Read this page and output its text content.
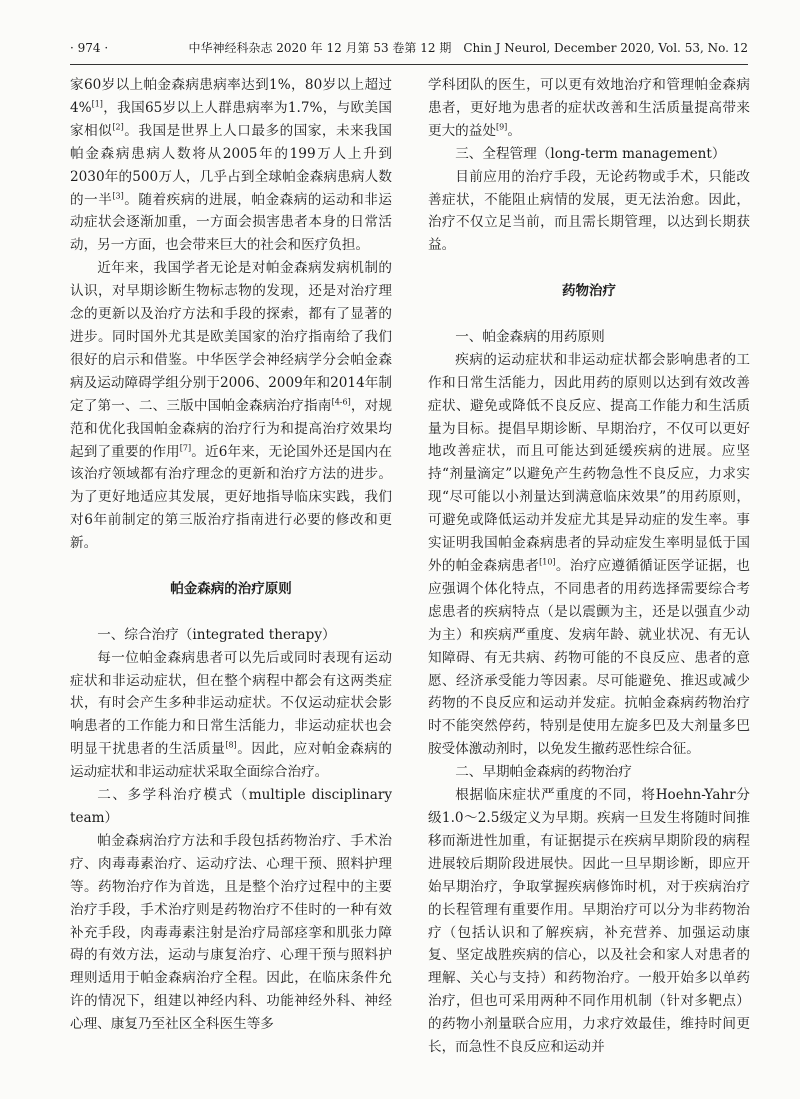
· 974 ·	中华神经科杂志 2020 年 12 月第 53 卷第 12 期　Chin J Neurol, December 2020, Vol. 53, No. 12

家60岁以上帕金森病患病率达到1%，80岁以上超过4%[1]，我国65岁以上人群患病率为1.7%，与欧美国家相似[2]。我国是世界上人口最多的国家，未来我国帕金森病患病人数将从2005年的199万人上升到2030年的500万人，几乎占到全球帕金森病患病人数的一半[3]。随着疾病的进展，帕金森病的运动和非运动症状会逐渐加重，一方面会损害患者本身的日常活动，另一方面，也会带来巨大的社会和医疗负担。

近年来，我国学者无论是对帕金森病发病机制的认识，对早期诊断生物标志物的发现，还是对治疗理念的更新以及治疗方法和手段的探索，都有了显著的进步。同时国外尤其是欧美国家的治疗指南给了我们很好的启示和借鉴。中华医学会神经病学分会帕金森病及运动障碍学组分别于2006、2009年和2014年制定了第一、二、三版中国帕金森病治疗指南[4-6]，对规范和优化我国帕金森病的治疗行为和提高治疗效果均起到了重要的作用[7]。近6年来，无论国外还是国内在该治疗领域都有治疗理念的更新和治疗方法的进步。为了更好地适应其发展，更好地指导临床实践，我们对6年前制定的第三版治疗指南进行必要的修改和更新。

帕金森病的治疗原则

一、综合治疗（integrated therapy）

每一位帕金森病患者可以先后或同时表现有运动症状和非运动症状，但在整个病程中都会有这两类症状，有时会产生多种非运动症状。不仅运动症状会影响患者的工作能力和日常生活能力，非运动症状也会明显干扰患者的生活质量[8]。因此，应对帕金森病的运动症状和非运动症状采取全面综合治疗。

二、多学科治疗模式（multiple disciplinary team）

帕金森病治疗方法和手段包括药物治疗、手术治疗、肉毒毒素治疗、运动疗法、心理干预、照料护理等。药物治疗作为首选，且是整个治疗过程中的主要治疗手段，手术治疗则是药物治疗不佳时的一种有效补充手段，肉毒毒素注射是治疗局部痉挛和肌张力障碍的有效方法，运动与康复治疗、心理干预与照料护理则适用于帕金森病治疗全程。因此，在临床条件允许的情况下，组建以神经内科、功能神经外科、神经心理、康复乃至社区全科医生等多

学科团队的医生，可以更有效地治疗和管理帕金森病患者，更好地为患者的症状改善和生活质量提高带来更大的益处[9]。

三、全程管理（long-term management）

目前应用的治疗手段，无论药物或手术，只能改善症状，不能阻止病情的发展，更无法治愈。因此，治疗不仅立足当前，而且需长期管理，以达到长期获益。

药物治疗

一、帕金森病的用药原则

疾病的运动症状和非运动症状都会影响患者的工作和日常生活能力，因此用药的原则以达到有效改善症状、避免或降低不良反应、提高工作能力和生活质量为目标。提倡早期诊断、早期治疗，不仅可以更好地改善症状，而且可能达到延缓疾病的进展。应坚持“剂量滴定”以避免产生药物急性不良反应，力求实现“尽可能以小剂量达到满意临床效果”的用药原则，可避免或降低运动并发症尤其是异动症的发生率。事实证明我国帕金森病患者的异动症发生率明显低于国外的帕金森病患者[10]。治疗应遵循循证医学证据，也应强调个体化特点，不同患者的用药选择需要综合考虑患者的疾病特点（是以震颤为主，还是以强直少动为主）和疾病严重度、发病年龄、就业状况、有无认知障碍、有无共病、药物可能的不良反应、患者的意愿、经济承受能力等因素。尽可能避免、推迟或减少药物的不良反应和运动并发症。抗帕金森病药物治疗时不能突然停药，特别是使用左旋多巴及大剂量多巴胺受体激动剂时，以免发生撤药恶性综合征。

二、早期帕金森病的药物治疗

根据临床症状严重度的不同，将Hoehn-Yahr分级1.0～2.5级定义为早期。疾病一旦发生将随时间推移而渐进性加重，有证据提示在疾病早期阶段的病程进展较后期阶段进展快。因此一旦早期诊断，即应开始早期治疗，争取掌握疾病修饰时机，对于疾病治疗的长程管理有重要作用。早期治疗可以分为非药物治疗（包括认识和了解疾病，补充营养、加强运动康复、坚定战胜疾病的信心，以及社会和家人对患者的理解、关心与支持）和药物治疗。一般开始多以单药治疗，但也可采用两种不同作用机制（针对多靶点）的药物小剂量联合应用，力求疗效最佳，维持时间更长，而急性不良反应和运动并
